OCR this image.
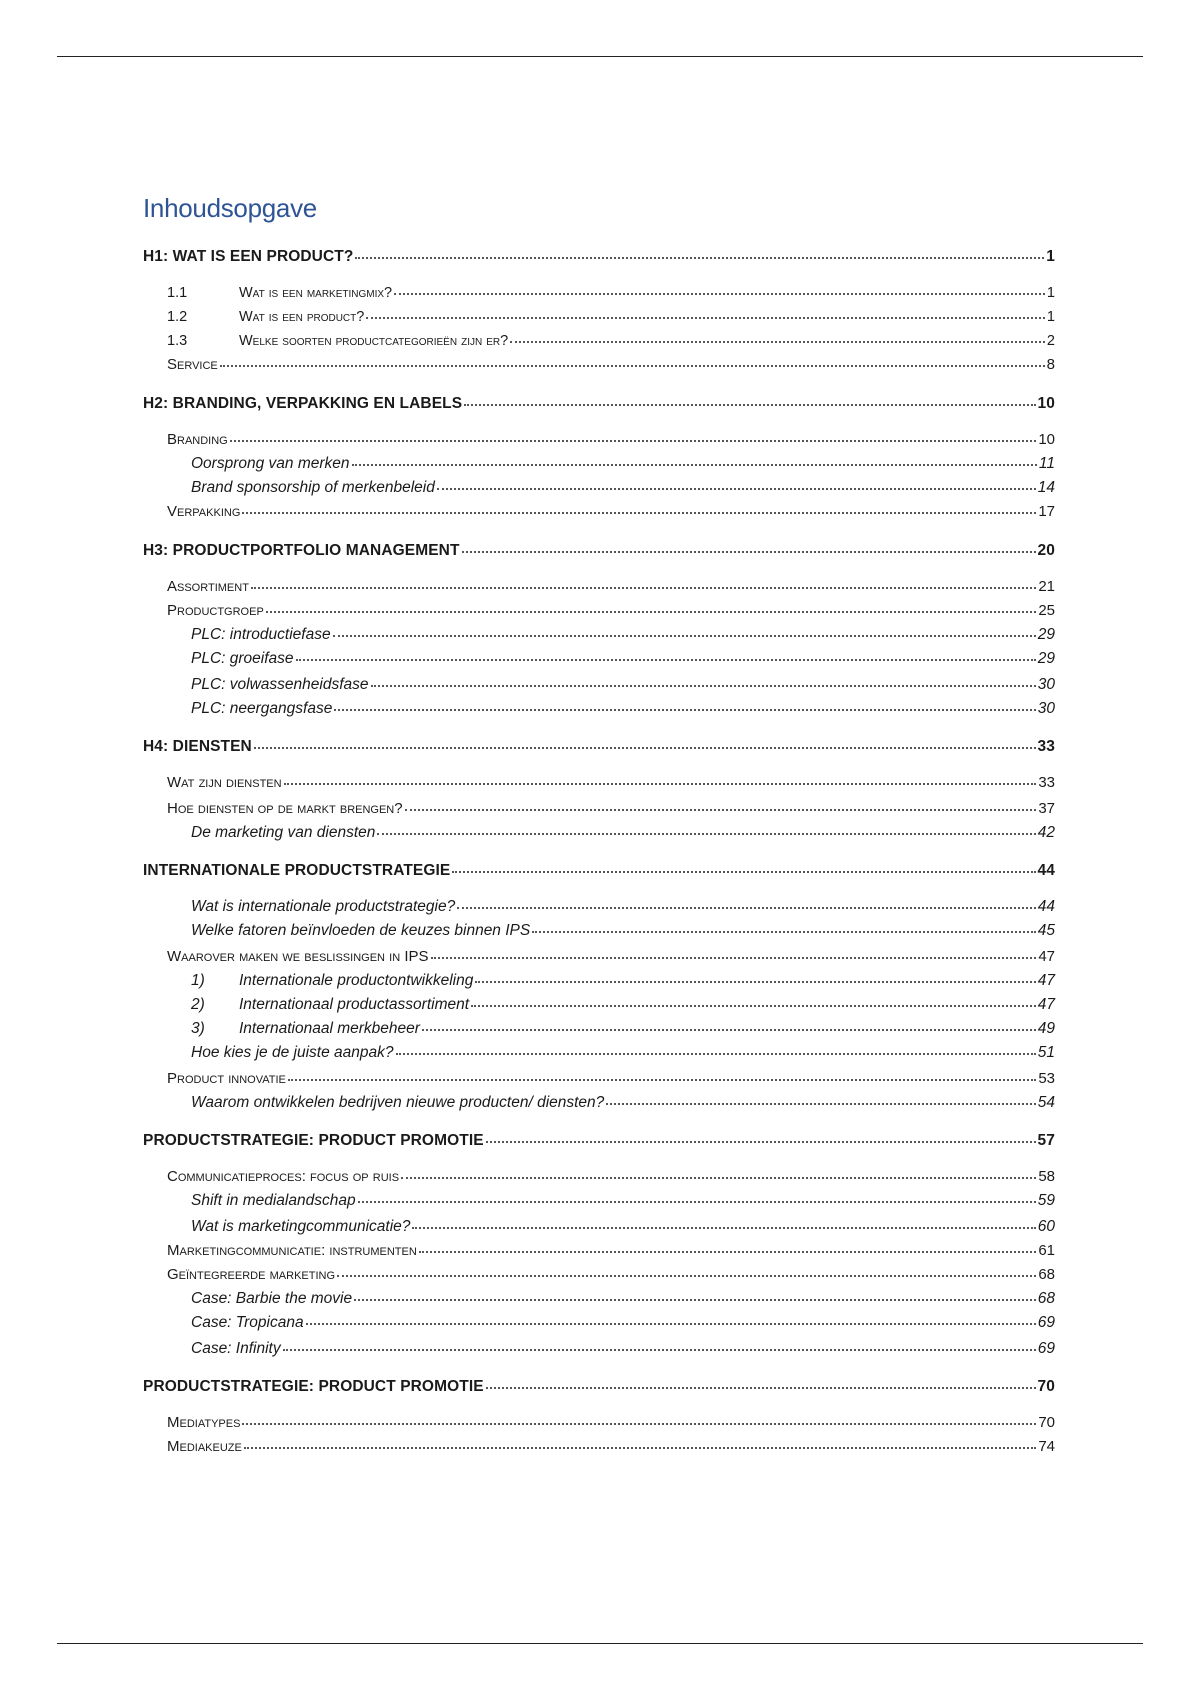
Inhoudsopgave
H1: WAT IS EEN PRODUCT?	1
1.1	Wat is een marketingmix?	1
1.2	Wat is een product?	1
1.3	Welke soorten productcategorieën zijn er?	2
Service	8
H2: BRANDING, VERPAKKING EN LABELS	10
Branding	10
Oorsprong van merken	11
Brand sponsorship of merkenbeleid	14
Verpakking	17
H3: PRODUCTPORTFOLIO MANAGEMENT	20
Assortiment	21
Productgroep	25
PLC: introductiefase	29
PLC: groeifase	29
PLC: volwassenheidsfase	30
PLC: neergangsfase	30
H4: DIENSTEN	33
Wat zijn diensten	33
Hoe diensten op de markt brengen?	37
De marketing van diensten	42
INTERNATIONALE PRODUCTSTRATEGIE	44
Wat is internationale productstrategie?	44
Welke fatoren beïnvloeden de keuzes binnen IPS	45
Waarover maken we beslissingen in IPS	47
1)	Internationale productontwikkeling	47
2)	Internationaal productassortiment	47
3)	Internationaal merkbeheer	49
Hoe kies je de juiste aanpak?	51
Product innovatie	53
Waarom ontwikkelen bedrijven nieuwe producten/ diensten?	54
PRODUCTSTRATEGIE: PRODUCT PROMOTIE	57
Communicatieproces: focus op ruis	58
Shift in medialandschap	59
Wat is marketingcommunicatie?	60
Marketingcommunicatie: instrumenten	61
Geïntegreerde marketing	68
Case: Barbie the movie	68
Case: Tropicana	69
Case: Infinity	69
PRODUCTSTRATEGIE: PRODUCT PROMOTIE	70
Mediatypes	70
Mediakeuze	74
